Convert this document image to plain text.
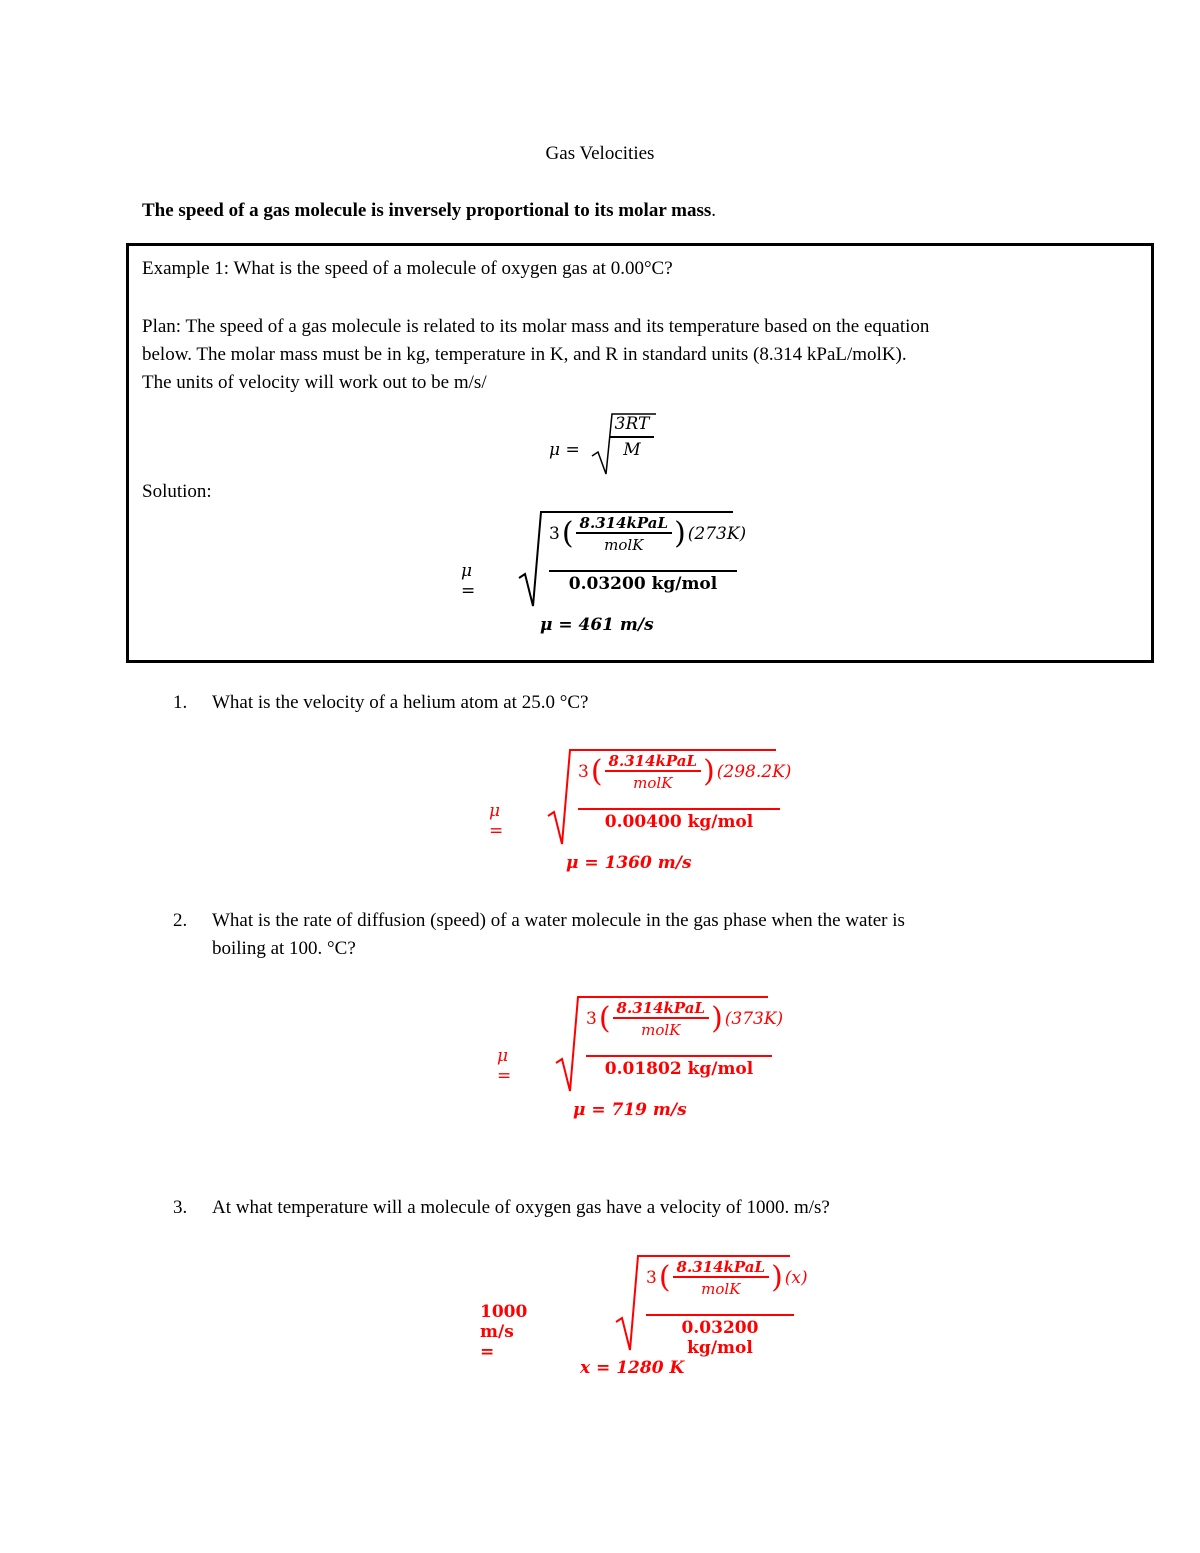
Gas Velocities
The speed of a gas molecule is inversely proportional to its molar mass.
Example 1: What is the speed of a molecule of oxygen gas at 0.00°C?
Plan: The speed of a gas molecule is related to its molar mass and its temperature based on the equation
below. The molar mass must be in kg, temperature in K, and R in standard units (8.314 kPaL/molK).
The units of velocity will work out to be m/s/
$\mu = \frac{3RT}{M}$
Solution:
μ =
3 ( $\frac{\text{8.314kPaL}}{\text{molK}}$ ) (273K)
0.03200 kg/mol
μ =
3 ( $\frac{\text{8.314kPaL}}{\text{molK}}$ ) (298.2K)
0.00400 kg/mol
μ =
3 ( $\frac{\text{8.314kPaL}}{\text{molK}}$ ) (373K)
0.01802 kg/mol
1000 m/s =
3 ( $\frac{\text{8.314kPaL}}{\text{molK}}$ ) (x)
0.03200 kg/mol
μ = 461 m/s
1. What is the velocity of a helium atom at 25.0 °C?
μ = 1360 m/s
2. What is the rate of diffusion (speed) of a water molecule in the gas phase when the water is
boiling at 100. °C?
μ = 719 m/s
3. At what temperature will a molecule of oxygen gas have a velocity of 1000. m/s?
x = 1280 K
